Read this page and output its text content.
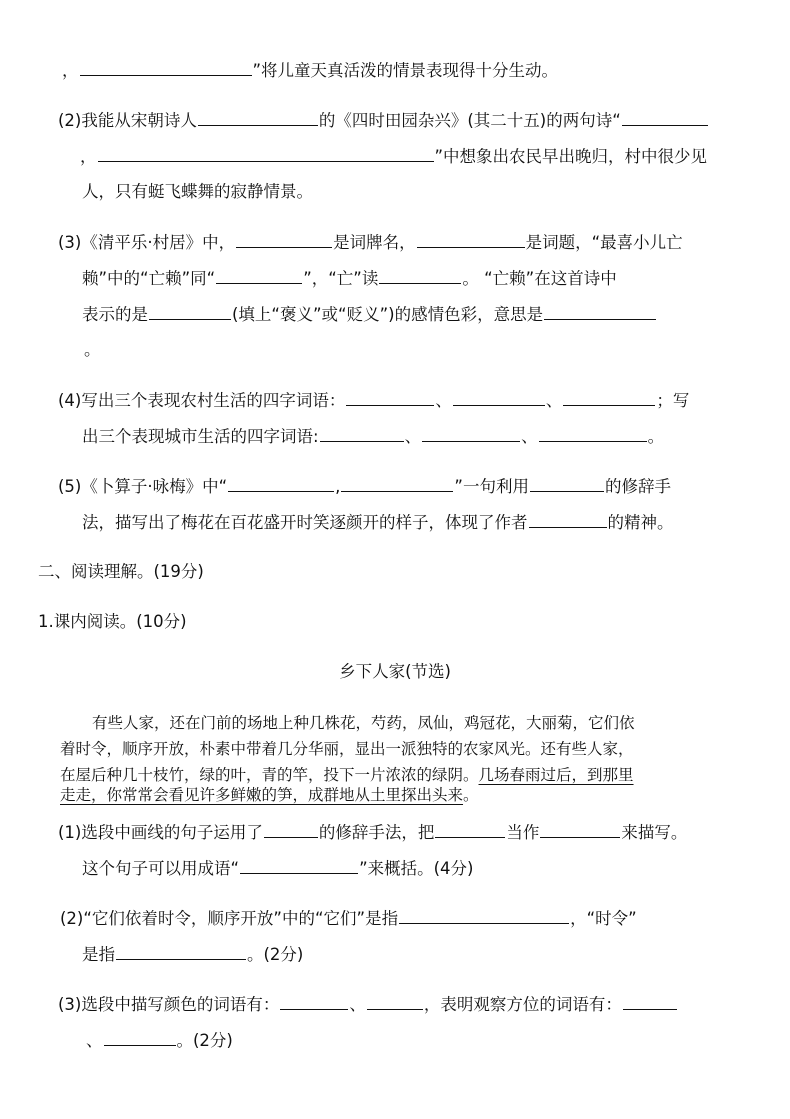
，	”将儿童天真活泼的情景表现得十分生动。
(2)我能从宋朝诗人	的《四时田园杂兴》(其二十五)的两句诗“
，	”中想象出农民早出晚归，村中很少见
人，只有蜓飞蝶舞的寂静情景。
(3)《清平乐·村居》中，	是词牌名，	是词题，“最喜小儿亡
赖”中的“亡赖”同“	”，“亡”读	。 “亡赖”在这首诗中
表示的是	(填上“褒义”或“贬义”)的感情色彩，意思是
。
(4)写出三个表现农村生活的四字词语：	、	、	；写
出三个表现城市生活的四字词语:	、	、	。
(5)《卜算子·咏梅》中“	,	”一句利用	的修辞手
法，描写出了梅花在百花盛开时笑逐颜开的样子，体现了作者	的精神。
二、阅读理解。(19分)
1.课内阅读。(10分)
乡下人家(节选)
有些人家，还在门前的场地上种几株花，芍药，凤仙，鸡冠花，大丽菊，它们依
着时令，顺序开放，朴素中带着几分华丽，显出一派独特的农家风光。还有些人家，
在屋后种几十枝竹，绿的叶，青的竿，投下一片浓浓的绿阴。几场春雨过后，到那里
走走，你常常会看见许多鲜嫩的笋，成群地从土里探出头来。
(1)选段中画线的句子运用了	的修辞手法，把	当作	来描写。
这个句子可以用成语“	”来概括。(4分)
(2)“它们依着时令，顺序开放”中的“它们”是指	，“时令”
是指	。(2分)
(3)选段中描写颜色的词语有：	、	，表明观察方位的词语有：
、	。(2分)
